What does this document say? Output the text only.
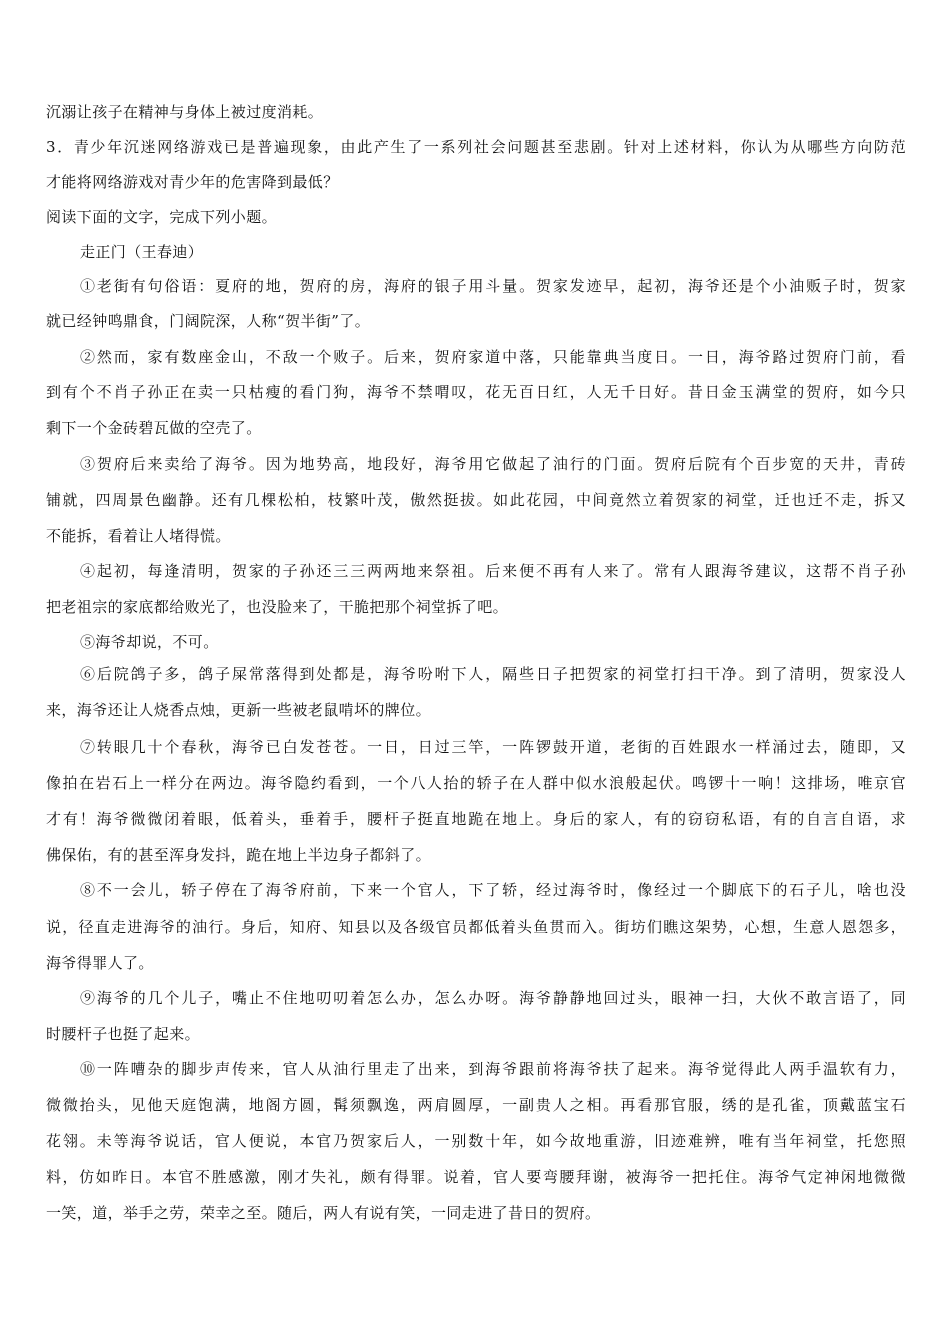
沉溺让孩子在精神与身体上被过度消耗。
3．青少年沉迷网络游戏已是普遍现象，由此产生了一系列社会问题甚至悲剧。针对上述材料，你认为从哪些方向防范
才能将网络游戏对青少年的危害降到最低？
阅读下面的文字，完成下列小题。
走正门（王春迪）
①老街有句俗语：夏府的地，贺府的房，海府的银子用斗量。贺家发迹早，起初，海爷还是个小油贩子时，贺家
就已经钟鸣鼎食，门阔院深，人称“贺半街”了。
②然而，家有数座金山，不敌一个败子。后来，贺府家道中落，只能靠典当度日。一日，海爷路过贺府门前，看
到有个不肖子孙正在卖一只枯瘦的看门狗，海爷不禁喟叹，花无百日红，人无千日好。昔日金玉满堂的贺府，如今只
剩下一个金砖碧瓦做的空壳了。
③贺府后来卖给了海爷。因为地势高，地段好，海爷用它做起了油行的门面。贺府后院有个百步宽的天井，青砖
铺就，四周景色幽静。还有几棵松柏，枝繁叶茂，傲然挺拔。如此花园，中间竟然立着贺家的祠堂，迁也迁不走，拆又
不能拆，看着让人堵得慌。
④起初，每逢清明，贺家的子孙还三三两两地来祭祖。后来便不再有人来了。常有人跟海爷建议，这帮不肖子孙
把老祖宗的家底都给败光了，也没脸来了，干脆把那个祠堂拆了吧。
⑤海爷却说，不可。
⑥后院鸽子多，鸽子屎常落得到处都是，海爷吩咐下人，隔些日子把贺家的祠堂打扫干净。到了清明，贺家没人
来，海爷还让人烧香点烛，更新一些被老鼠啃坏的牌位。
⑦转眼几十个春秋，海爷已白发苍苍。一日，日过三竿，一阵锣鼓开道，老街的百姓跟水一样涌过去，随即，又
像拍在岩石上一样分在两边。海爷隐约看到，一个八人抬的轿子在人群中似水浪般起伏。鸣锣十一响！这排场，唯京官
才有！海爷微微闭着眼，低着头，垂着手，腰杆子挺直地跪在地上。身后的家人，有的窃窃私语，有的自言自语，求
佛保佑，有的甚至浑身发抖，跪在地上半边身子都斜了。
⑧不一会儿，轿子停在了海爷府前，下来一个官人，下了轿，经过海爷时，像经过一个脚底下的石子儿，啥也没
说，径直走进海爷的油行。身后，知府、知县以及各级官员都低着头鱼贯而入。街坊们瞧这架势，心想，生意人恩怨多，
海爷得罪人了。
⑨海爷的几个儿子，嘴止不住地叨叨着怎么办，怎么办呀。海爷静静地回过头，眼神一扫，大伙不敢言语了，同
时腰杆子也挺了起来。
⑩一阵嘈杂的脚步声传来，官人从油行里走了出来，到海爷跟前将海爷扶了起来。海爷觉得此人两手温软有力，
微微抬头，见他天庭饱满，地阁方圆，髯须飘逸，两肩圆厚，一副贵人之相。再看那官服，绣的是孔雀，顶戴蓝宝石
花翎。未等海爷说话，官人便说，本官乃贺家后人，一别数十年，如今故地重游，旧迹难辨，唯有当年祠堂，托您照
料，仿如昨日。本官不胜感激，刚才失礼，颇有得罪。说着，官人要弯腰拜谢，被海爷一把托住。海爷气定神闲地微微
一笑，道，举手之劳，荣幸之至。随后，两人有说有笑，一同走进了昔日的贺府。
